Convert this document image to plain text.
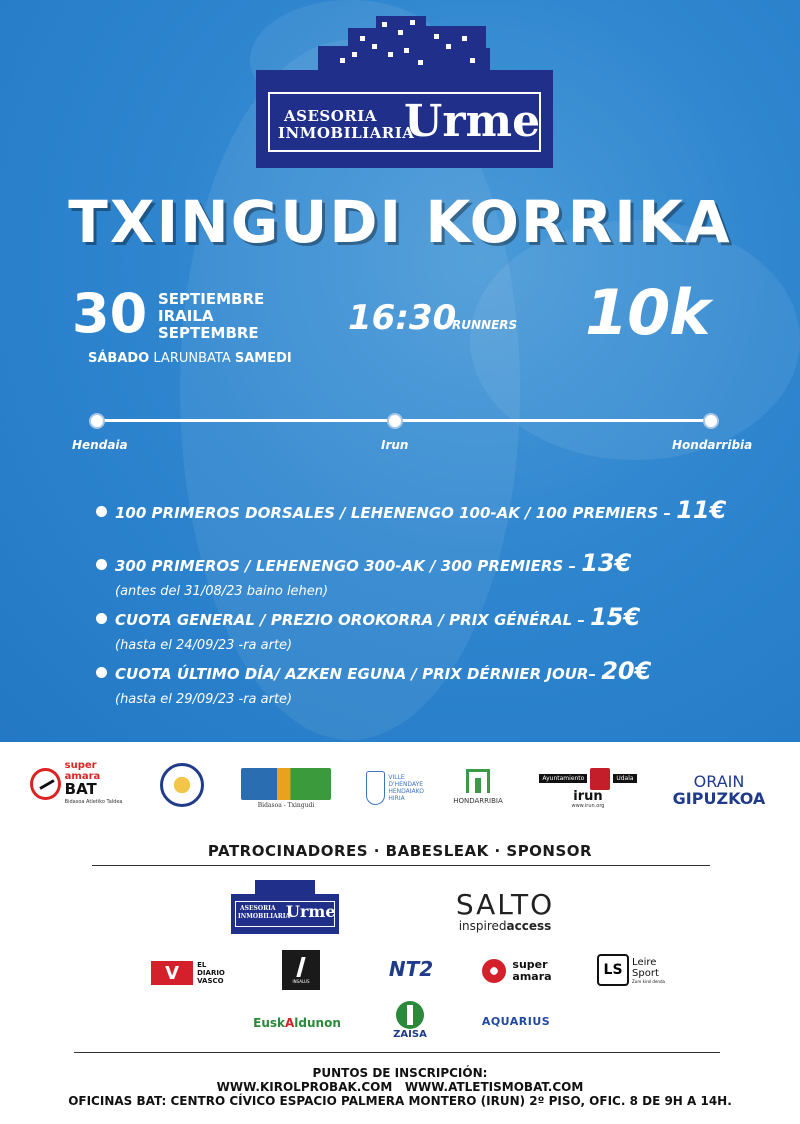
ASESORIA
INMOBILIARIA
Urme
TXINGUDI KORRIKA
30 SEPTIEMBRE
IRAILA
SEPTEMBRE
SÁBADO LARUNBATA SAMEDI
16:30
RUNNERS 10k
Hendaia	Irun	Hondarribia
100 PRIMEROS DORSALES / LEHENENGO 100-AK / 100 PREMIERS – 11€
300 PRIMEROS / LEHENENGO 300-AK / 300 PREMIERS – 13€
(antes del 31/08/23 baino lehen)
CUOTA GENERAL / PREZIO OROKORRA / PRIX GÉNÉRAL – 15€
(hasta el 24/09/23 -ra arte)
CUOTA ÚLTIMO DÍA/ AZKEN EGUNA / PRIX DÉRNIER JOUR– 20€
(hasta el 29/09/23 -ra arte)
super amara
BAT
Bidasoa Atletiko Taldea	Bidasoa - Txingudi
VILLE
D'HENDAYE
HENDAIAKO
HIRIA	HONDARRIBIA
Ayuntamiento	Udala
irun
www.irun.org
ORAIN
GIPUZKOA
PATROCINADORES · BABESLEAK · SPONSOR
ASESORIA
INMOBILIARIA
Urme	SALTO
inspiredaccess
V	EL
DIARIO
VASCO	INSALUS	NT2	super
amara	LS Leire
Sport
Zure kirol denda
EuskAldunon
ZAISA
AQUARIUS
PUNTOS DE INSCRIPCIÓN:
WWW.KIROLPROBAK.COM   WWW.ATLETISMOBAT.COM
OFICINAS BAT: CENTRO CÍVICO ESPACIO PALMERA MONTERO (IRUN) 2º PISO, OFIC. 8 DE 9H A 14H.
